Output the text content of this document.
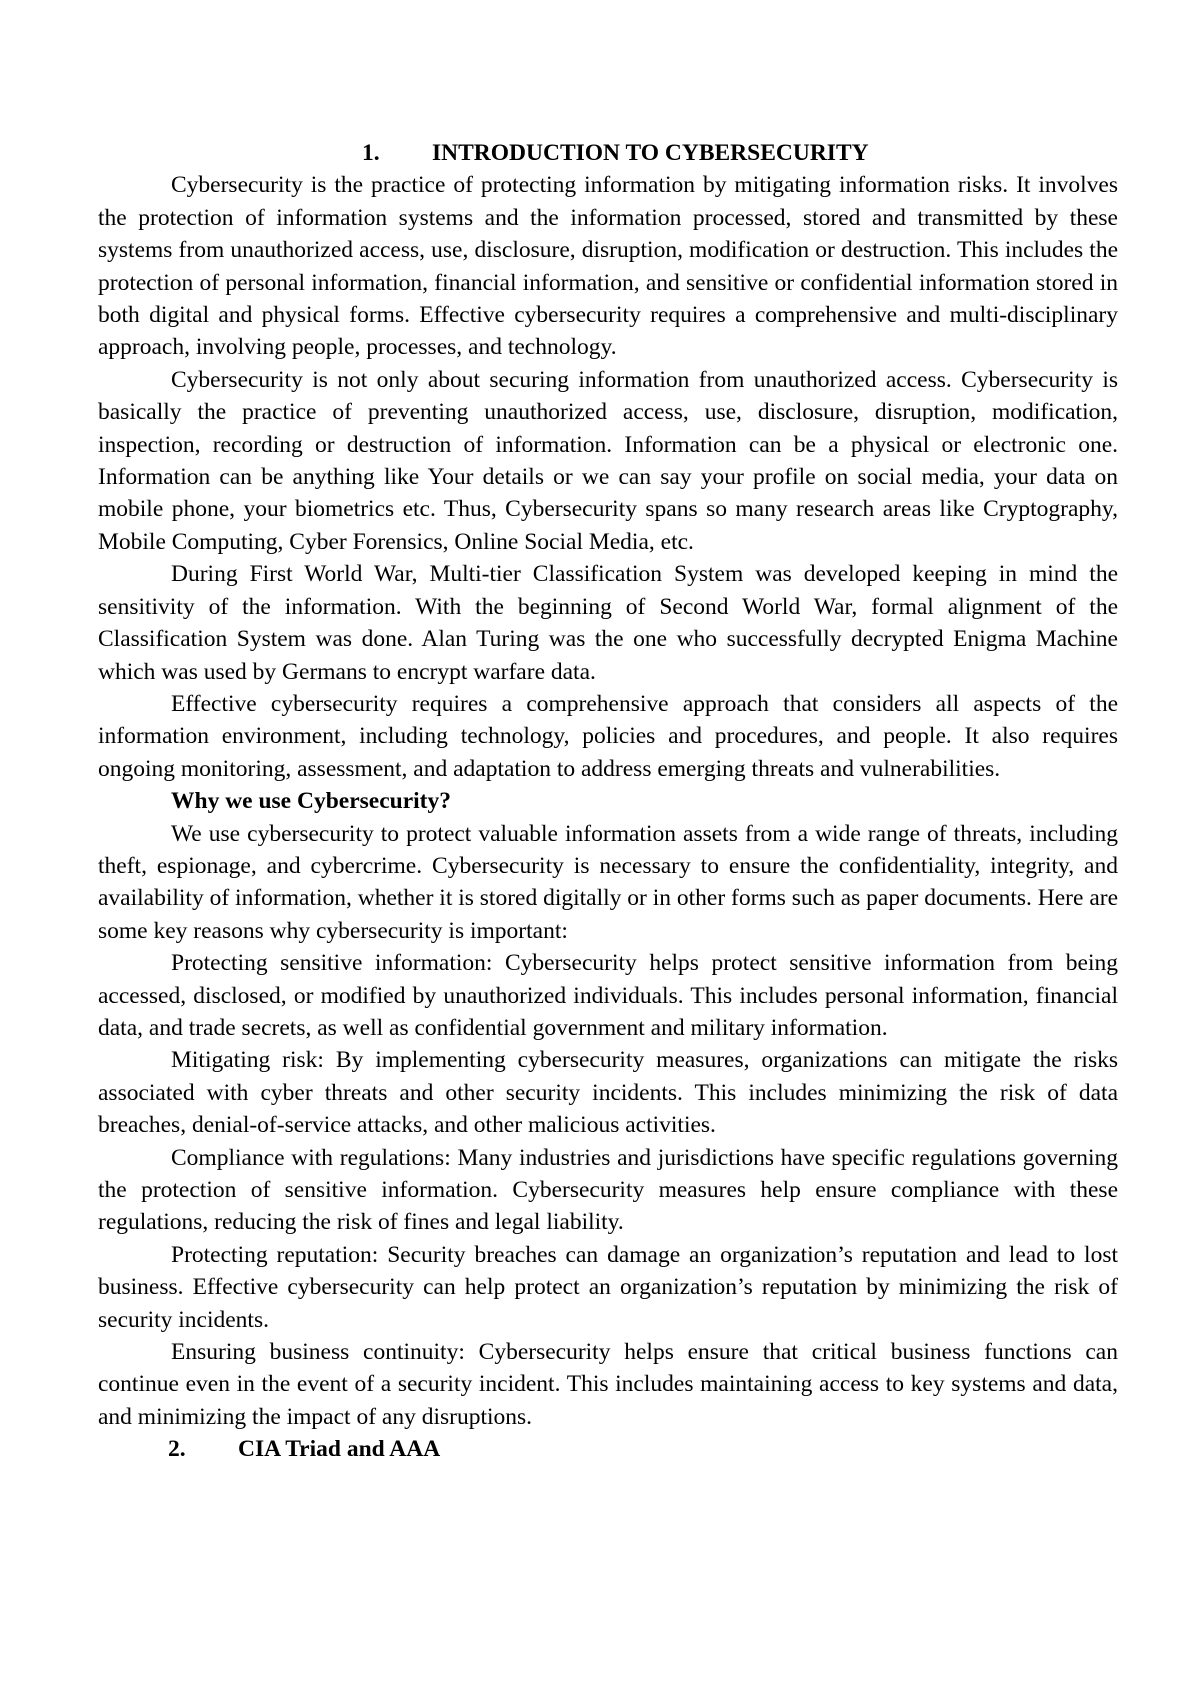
1. INTRODUCTION TO CYBERSECURITY

Cybersecurity is the practice of protecting information by mitigating information risks. It involves the protection of information systems and the information processed, stored and transmitted by these systems from unauthorized access, use, disclosure, disruption, modification or destruction. This includes the protection of personal information, financial information, and sensitive or confidential information stored in both digital and physical forms. Effective cybersecurity requires a comprehensive and multi-disciplinary approach, involving people, processes, and technology.

Cybersecurity is not only about securing information from unauthorized access. Cybersecurity is basically the practice of preventing unauthorized access, use, disclosure, disruption, modification, inspection, recording or destruction of information. Information can be a physical or electronic one. Information can be anything like Your details or we can say your profile on social media, your data on mobile phone, your biometrics etc. Thus, Cybersecurity spans so many research areas like Cryptography, Mobile Computing, Cyber Forensics, Online Social Media, etc.

During First World War, Multi-tier Classification System was developed keeping in mind the sensitivity of the information. With the beginning of Second World War, formal alignment of the Classification System was done. Alan Turing was the one who successfully decrypted Enigma Machine which was used by Germans to encrypt warfare data.

Effective cybersecurity requires a comprehensive approach that considers all aspects of the information environment, including technology, policies and procedures, and people. It also requires ongoing monitoring, assessment, and adaptation to address emerging threats and vulnerabilities.

Why we use Cybersecurity?

We use cybersecurity to protect valuable information assets from a wide range of threats, including theft, espionage, and cybercrime. Cybersecurity is necessary to ensure the confidentiality, integrity, and availability of information, whether it is stored digitally or in other forms such as paper documents. Here are some key reasons why cybersecurity is important:

Protecting sensitive information: Cybersecurity helps protect sensitive information from being accessed, disclosed, or modified by unauthorized individuals. This includes personal information, financial data, and trade secrets, as well as confidential government and military information.

Mitigating risk: By implementing cybersecurity measures, organizations can mitigate the risks associated with cyber threats and other security incidents. This includes minimizing the risk of data breaches, denial-of-service attacks, and other malicious activities.

Compliance with regulations: Many industries and jurisdictions have specific regulations governing the protection of sensitive information. Cybersecurity measures help ensure compliance with these regulations, reducing the risk of fines and legal liability.

Protecting reputation: Security breaches can damage an organization’s reputation and lead to lost business. Effective cybersecurity can help protect an organization’s reputation by minimizing the risk of security incidents.

Ensuring business continuity: Cybersecurity helps ensure that critical business functions can continue even in the event of a security incident. This includes maintaining access to key systems and data, and minimizing the impact of any disruptions.

2. CIA Triad and AAA
